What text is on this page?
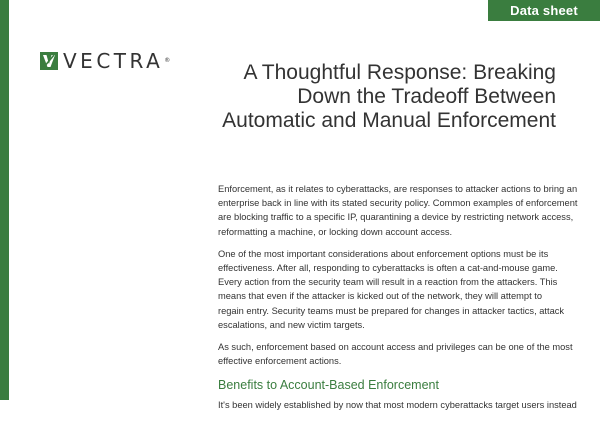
Data sheet
VECTRA®
A Thoughtful Response: Breaking
Down the Tradeoff Between
Automatic and Manual Enforcement

Enforcement, as it relates to cyberattacks, are responses to attacker actions to bring an
enterprise back in line with its stated security policy. Common examples of enforcement
are blocking traffic to a specific IP, quarantining a device by restricting network access,
reformatting a machine, or locking down account access.

One of the most important considerations about enforcement options must be its
effectiveness. After all, responding to cyberattacks is often a cat-and-mouse game.
Every action from the security team will result in a reaction from the attackers. This
means that even if the attacker is kicked out of the network, they will attempt to
regain entry. Security teams must be prepared for changes in attacker tactics, attack
escalations, and new victim targets.

As such, enforcement based on account access and privileges can be one of the most
effective enforcement actions.

Benefits to Account-Based Enforcement

It's been widely established by now that most modern cyberattacks target users instead
